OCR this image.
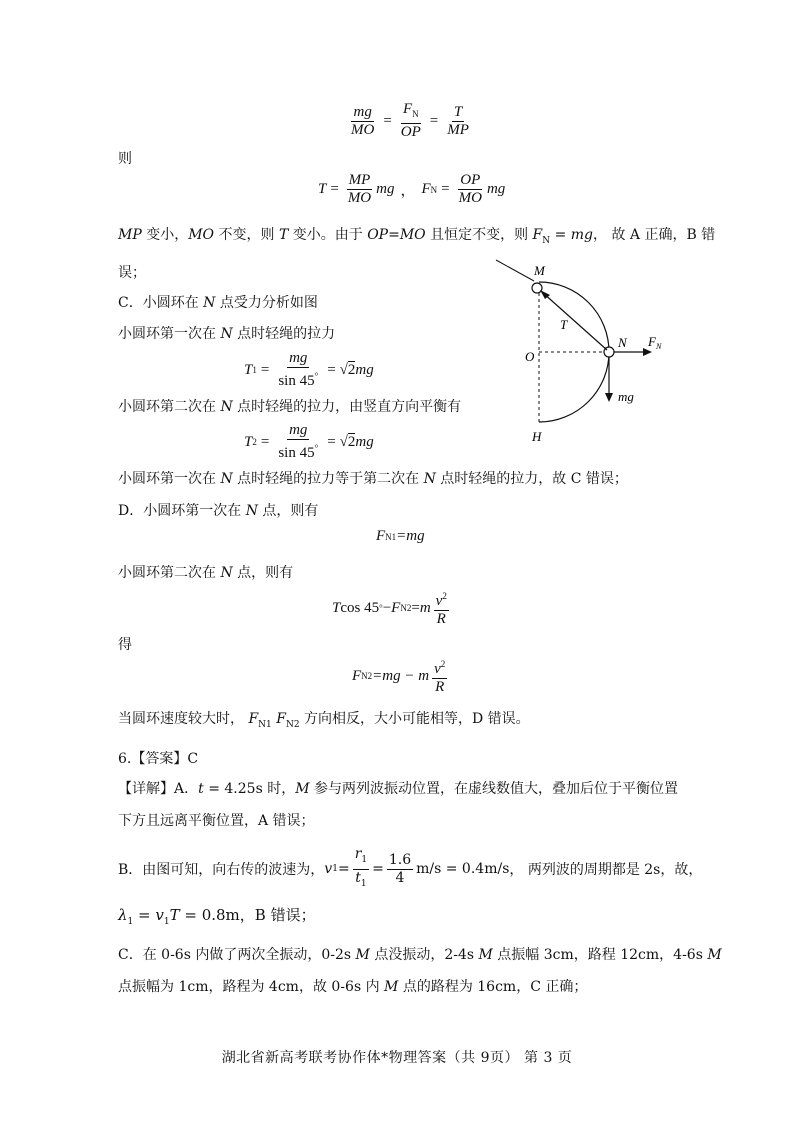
$\frac{mg}{MO} = \frac{F_N}{OP} = \frac{T}{MP}$
则
$T = \frac{MP}{MO}$ mg ， F $N = \frac{OP}{MO}$ mg
MP 变小，MO 不变，则 T 变小。由于 OP=MO 且恒定不变，则 $F_N$ = mg， 故 A 正确，B 错
误；
C．小圆环在 N 点受力分析如图
小圆环第一次在 N 点时轻绳的拉力
T $1 = \frac{mg}{\sin 45^\circ} = √2$ mg
小圆环第二次在 N 点时轻绳的拉力，由竖直方向平衡有
T $2 = \frac{mg}{\sin 45^\circ} = √2$ mg
小圆环第一次在 N 点时轻绳的拉力等于第二次在 N 点时轻绳的拉力，故 C 错误；
D．小圆环第一次在 N 点，则有
F N1 =mg
小圆环第二次在 N 点，则有
T cos 45 ° − F N2 = m $\frac{v^2}{R}$
得
F N2 =mg − m $\frac{v^2}{R}$
当圆环速度较大时， $F_{N1}$ $F_{N2}$ 方向相反，大小可能相等，D 错误。
6.【答案】C
【详解】A．t = 4.25s 时，M 参与两列波振动位置，在虚线数值大，叠加后位于平衡位置
下方且远离平衡位置，A 错误；
B．由图可知，向右传的波速为， v $1 = \frac{r_1}{t_1} = \frac{1.6}{4} m/s = 0.4m/s$ ， 两列波的周期都是 2s，故，
$\lambda_1 = v_1T = 0.8m$，B 错误；
C．在 0-6s 内做了两次全振动，0-2s M 点没振动，2-4s M 点振幅 3cm，路程 12cm，4-6s M
点振幅为 1cm，路程为 4cm，故 0-6s 内 M 点的路程为 16cm，C 正确；
湖北省新高考联考协作体*物理答案（共 9页） 第 3 页
M
T
N $F_N$
O
mg
H
